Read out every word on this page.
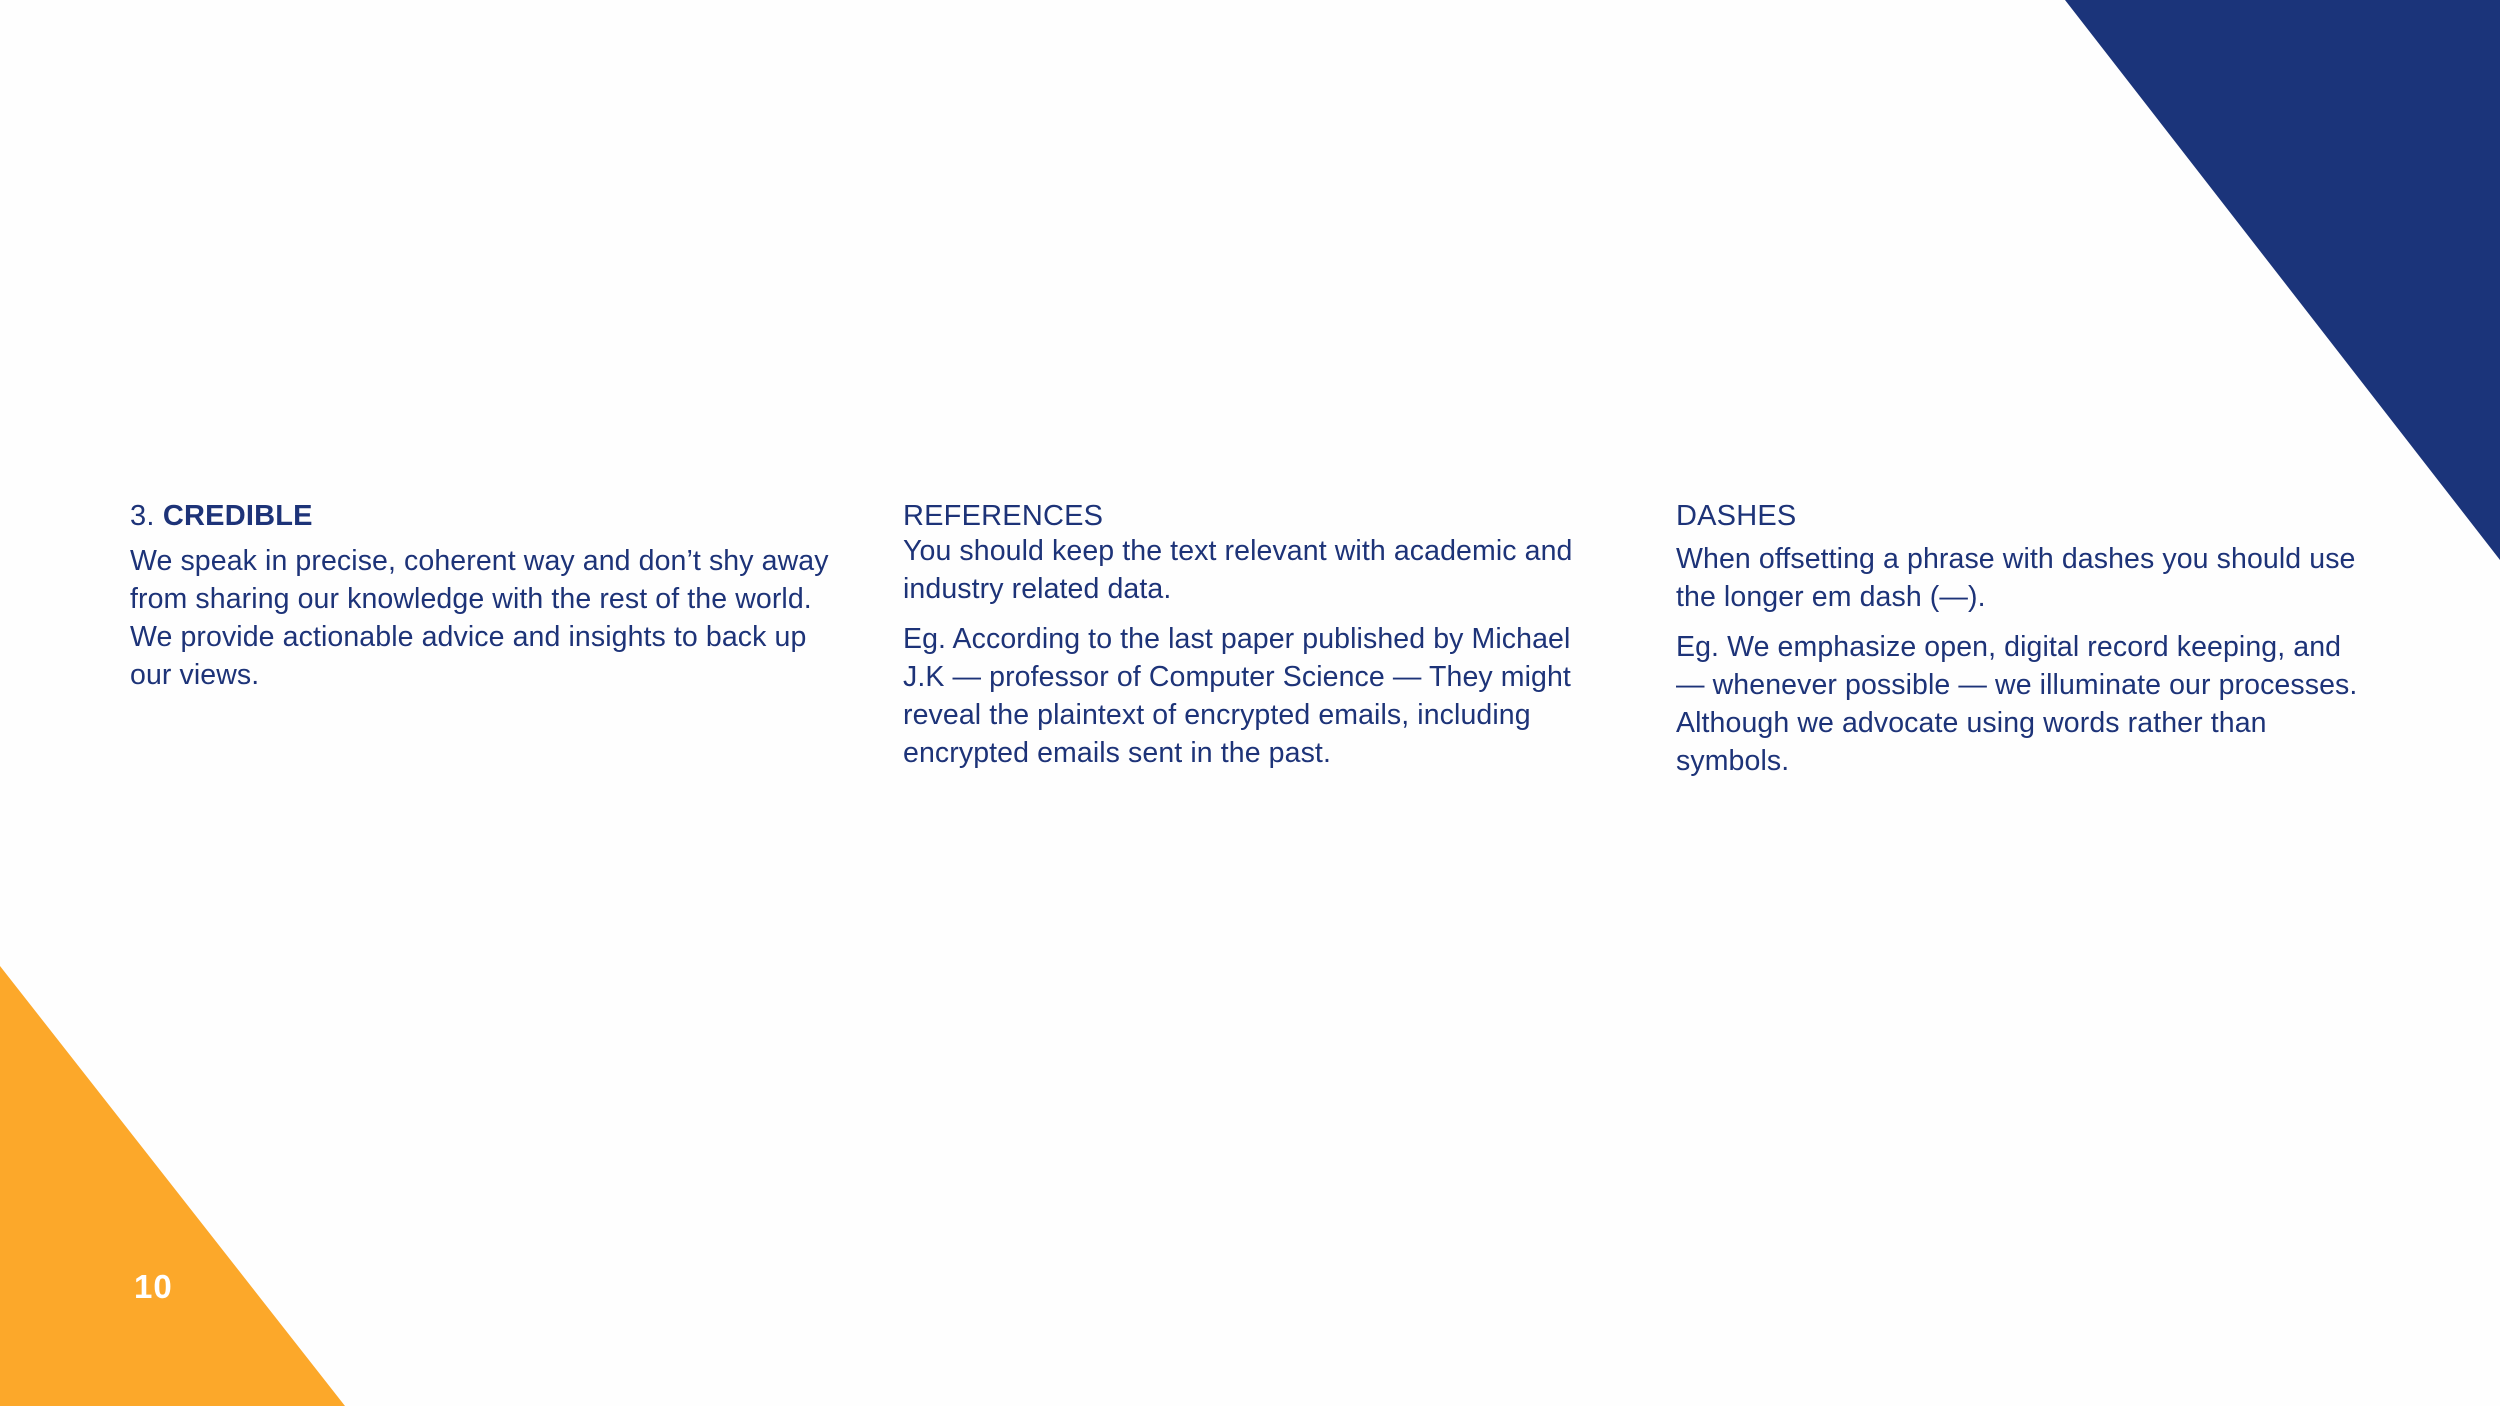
3. CREDIBLE

We speak in precise, coherent way and don’t shy away from sharing our knowledge with the rest of the world. We provide actionable advice and insights to back up our views.

REFERENCES

You should keep the text relevant with academic and industry related data.

Eg. According to the last paper published by Michael J.K — professor of Computer Science — They might reveal the plaintext of encrypted emails, including encrypted emails sent in the past.

DASHES

When offsetting a phrase with dashes you should use the longer em dash (—).

Eg. We emphasize open, digital record keeping, and — whenever possible — we illuminate our processes. Although we advocate using words rather than symbols.

10
